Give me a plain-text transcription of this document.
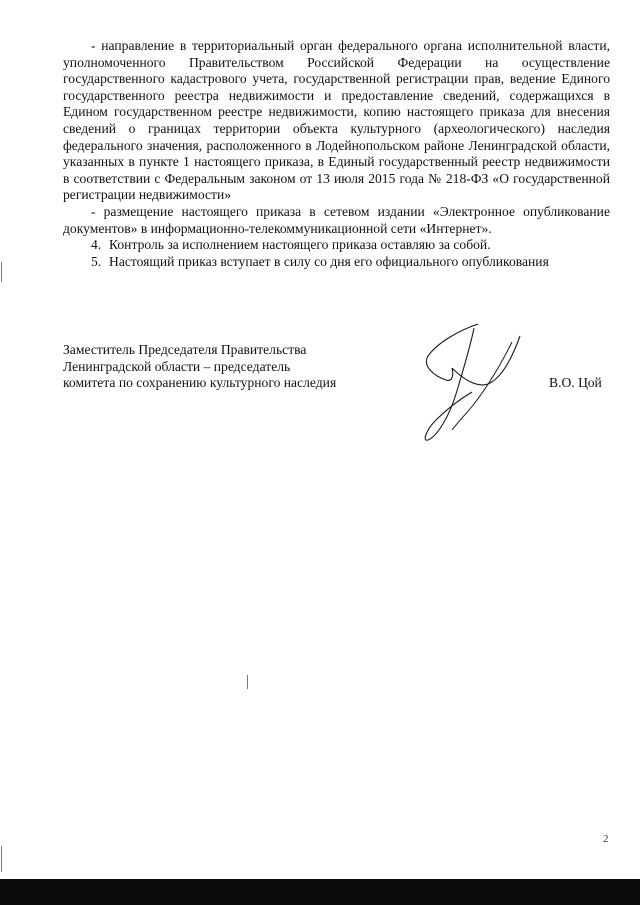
- направление в территориальный орган федерального органа исполнительной власти, уполномоченного Правительством Российской Федерации на осуществление государственного кадастрового учета, государственной регистрации прав, ведение Единого государственного реестра недвижимости и предоставление сведений, содержащихся в Едином государственном реестре недвижимости, копию настоящего приказа для внесения сведений о границах территории объекта культурного (археологического) наследия федерального значения, расположенного в Лодейнопольском районе Ленинградской области, указанных в пункте 1 настоящего приказа, в Единый государственный реестр недвижимости в соответствии с Федеральным законом от 13 июля 2015 года № 218-ФЗ «О государственной регистрации недвижимости»

- размещение настоящего приказа в сетевом издании «Электронное опубликование документов» в информационно-телекоммуникационной сети «Интернет».

4. Контроль за исполнением настоящего приказа оставляю за собой.

5. Настоящий приказ вступает в силу со дня его официального опубликования

Заместитель Председателя Правительства
Ленинградской области – председатель
комитета по сохранению культурного наследия	В.О. Цой
2
